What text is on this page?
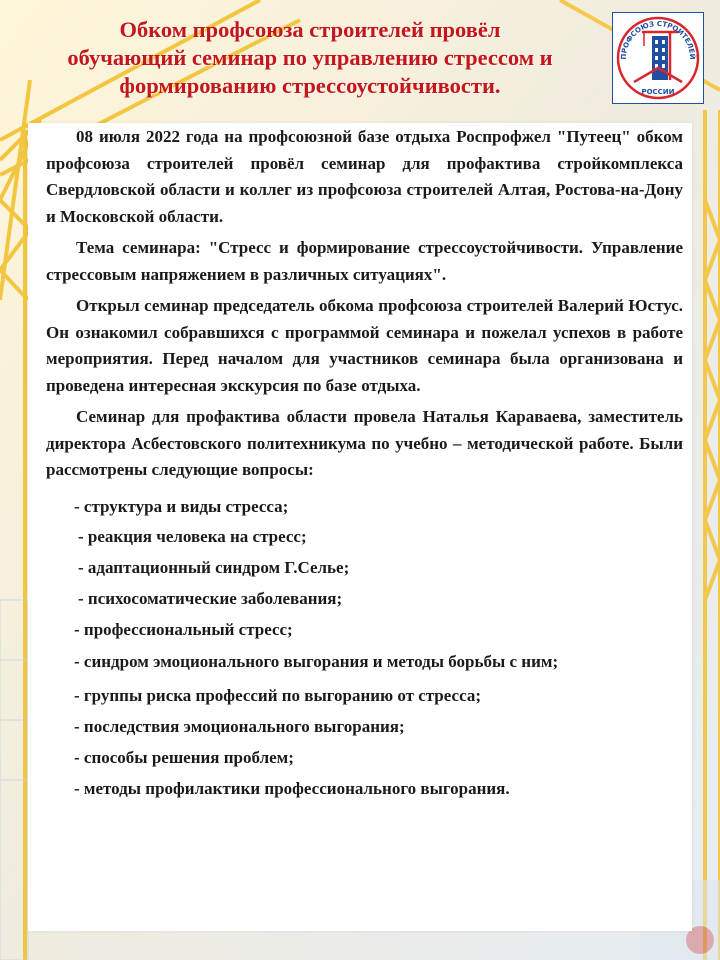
Обком профсоюза строителей провёл
обучающий семинар по управлению стрессом и
формированию стрессоустойчивости.
ПРОФСОЮЗ СТРОИТЕЛЕЙ
РОССИИ

08 июля 2022 года на профсоюзной базе отдыха Роспрофжел "Путеец" обком профсоюза строителей провёл семинар для профактива стройкомплекса Свердловской области и коллег из профсоюза строителей Алтая, Ростова-на-Дону и Московской области.

Тема семинара: "Стресс и формирование стрессоустойчивости. Управление стрессовым напряжением в различных ситуациях".

Открыл семинар председатель обкома профсоюза строителей Валерий Юстус. Он ознакомил собравшихся с программой семинара и пожелал успехов в работе мероприятия. Перед началом для участников семинара была организована и проведена интересная экскурсия по базе отдыха.

Семинар для профактива области провела Наталья Караваева, заместитель директора Асбестовского политехникума по учебно – методической работе. Были рассмотрены следующие вопросы:

- структура и виды стресса;
- реакция человека на стресс;
- адаптационный синдром Г.Селье;
- психосоматические заболевания;
- профессиональный стресс;
- синдром эмоционального выгорания и методы борьбы с ним;
- группы риска профессий по выгоранию от стресса;
- последствия эмоционального выгорания;
- способы решения проблем;
- методы профилактики профессионального выгорания.
